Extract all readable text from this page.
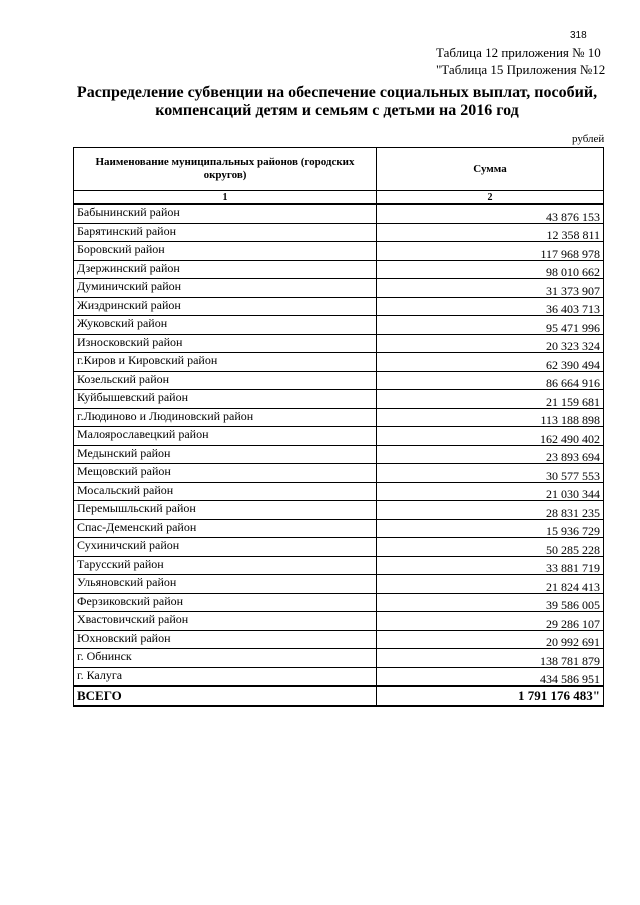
318
Таблица 12 приложения № 10
"Таблица 15 Приложения №12
Распределение субвенции на обеспечение социальных выплат, пособий,
компенсаций детям и семьям с детьми на 2016 год
рублей
Наименование муниципальных районов (городских округов)	Сумма
1	2
Бабынинский район	43 876 153
Барятинский район	12 358 811
Боровский район	117 968 978
Дзержинский район	98 010 662
Думиничский район	31 373 907
Жиздринский район	36 403 713
Жуковский район	95 471 996
Износковский район	20 323 324
г.Киров и Кировский район	62 390 494
Козельский район	86 664 916
Куйбышевский район	21 159 681
г.Людиново и Людиновский район	113 188 898
Малоярославецкий район	162 490 402
Медынский район	23 893 694
Мещовский район	30 577 553
Мосальский район	21 030 344
Перемышльский район	28 831 235
Спас-Деменский район	15 936 729
Сухиничский район	50 285 228
Тарусский район	33 881 719
Ульяновский район	21 824 413
Ферзиковский район	39 586 005
Хвастовичский район	29 286 107
Юхновский район	20 992 691
г. Обнинск	138 781 879
г. Калуга	434 586 951
ВСЕГО	1 791 176 483"
